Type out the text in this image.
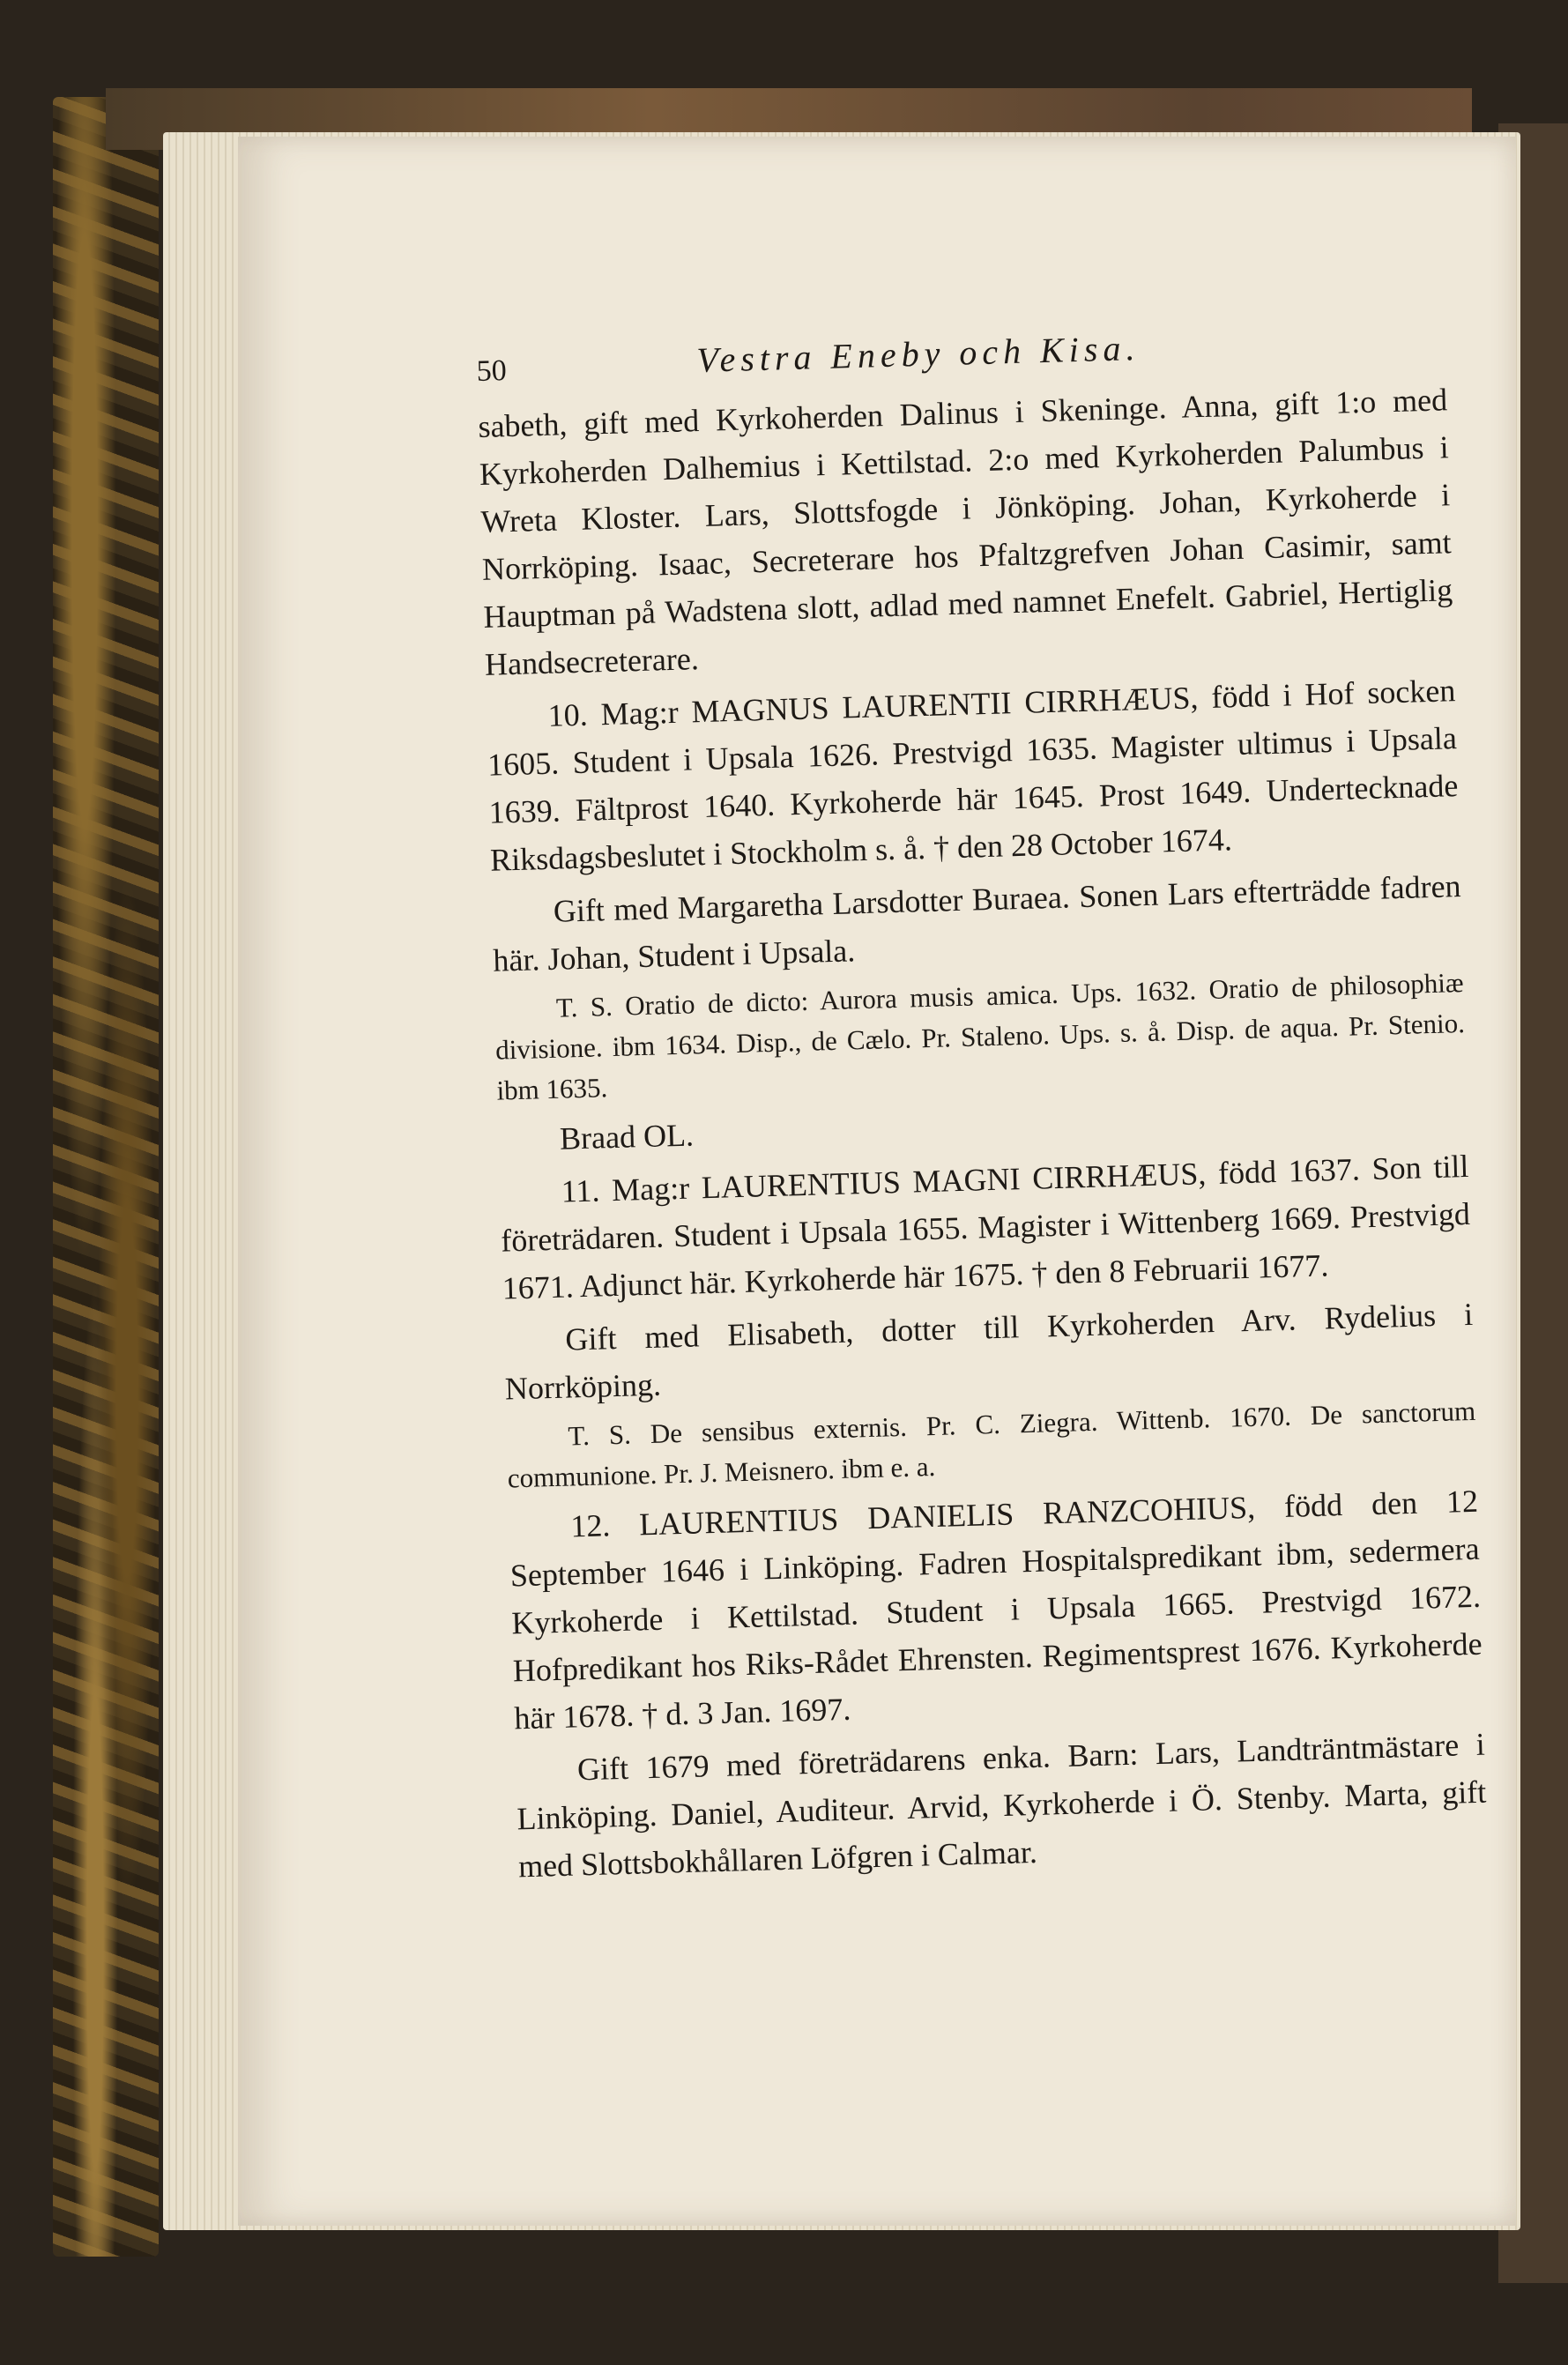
50	Vestra Eneby och Kisa.

sabeth, gift med Kyrkoherden Dalinus i Skeninge. Anna, gift 1:o med Kyrkoherden Dalhemius i Kettilstad. 2:o med Kyrkoherden Palumbus i Wreta Kloster. Lars, Slottsfogde i Jönköping. Johan, Kyrkoherde i Norrköping. Isaac, Secreterare hos Pfaltzgrefven Johan Casimir, samt Hauptman på Wadstena slott, adlad med namnet Enefelt. Gabriel, Hertiglig Handsecreterare.

10. Mag:r MAGNUS LAURENTII CIRRHÆUS, född i Hof socken 1605. Student i Upsala 1626. Prestvigd 1635. Magister ultimus i Upsala 1639. Fältprost 1640. Kyrkoherde här 1645. Prost 1649. Undertecknade Riksdagsbeslutet i Stockholm s. å. † den 28 October 1674.

Gift med Margaretha Larsdotter Buraea. Sonen Lars efterträdde fadren här. Johan, Student i Upsala.

T. S. Oratio de dicto: Aurora musis amica. Ups. 1632. Oratio de philosophiæ divisione. ibm 1634. Disp., de Cælo. Pr. Staleno. Ups. s. å. Disp. de aqua. Pr. Stenio. ibm 1635.

Braad OL.

11. Mag:r LAURENTIUS MAGNI CIRRHÆUS, född 1637. Son till företrädaren. Student i Upsala 1655. Magister i Wittenberg 1669. Prestvigd 1671. Adjunct här. Kyrkoherde här 1675. † den 8 Februarii 1677.

Gift med Elisabeth, dotter till Kyrkoherden Arv. Rydelius i Norrköping.

T. S. De sensibus externis. Pr. C. Ziegra. Wittenb. 1670. De sanctorum communione. Pr. J. Meisnero. ibm e. a.

12. LAURENTIUS DANIELIS RANZCOHIUS, född den 12 September 1646 i Linköping. Fadren Hospitalspredikant ibm, sedermera Kyrkoherde i Kettilstad. Student i Upsala 1665. Prestvigd 1672. Hofpredikant hos Riks-Rådet Ehrensten. Regimentsprest 1676. Kyrkoherde här 1678. † d. 3 Jan. 1697.

Gift 1679 med företrädarens enka. Barn: Lars, Landträntmästare i Linköping. Daniel, Auditeur. Arvid, Kyrkoherde i Ö. Stenby. Marta, gift med Slottsbokhållaren Löfgren i Calmar.
